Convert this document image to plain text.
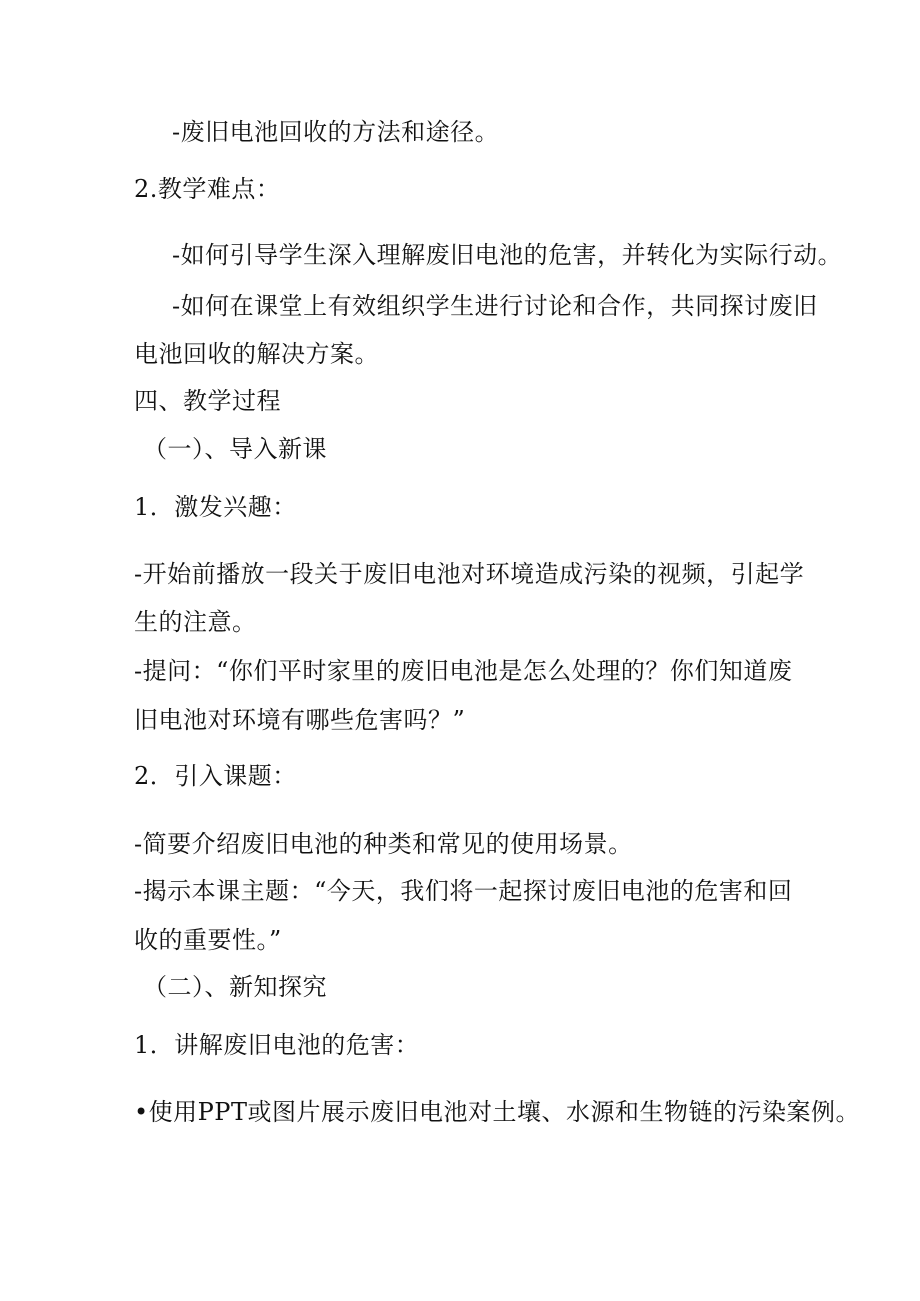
-废旧电池回收的方法和途径。
2.教学难点：
-如何引导学生深入理解废旧电池的危害，并转化为实际行动。
-如何在课堂上有效组织学生进行讨论和合作，共同探讨废旧
电池回收的解决方案。
四、教学过程
（一）、导入新课
1．激发兴趣：
-开始前播放一段关于废旧电池对环境造成污染的视频，引起学
生的注意。
-提问：“你们平时家里的废旧电池是怎么处理的？你们知道废
旧电池对环境有哪些危害吗？”
2．引入课题：
-简要介绍废旧电池的种类和常见的使用场景。
-揭示本课主题：“今天，我们将一起探讨废旧电池的危害和回
收的重要性。”
（二）、新知探究
1．讲解废旧电池的危害：
•使用PPT或图片展示废旧电池对土壤、水源和生物链的污染案例。
